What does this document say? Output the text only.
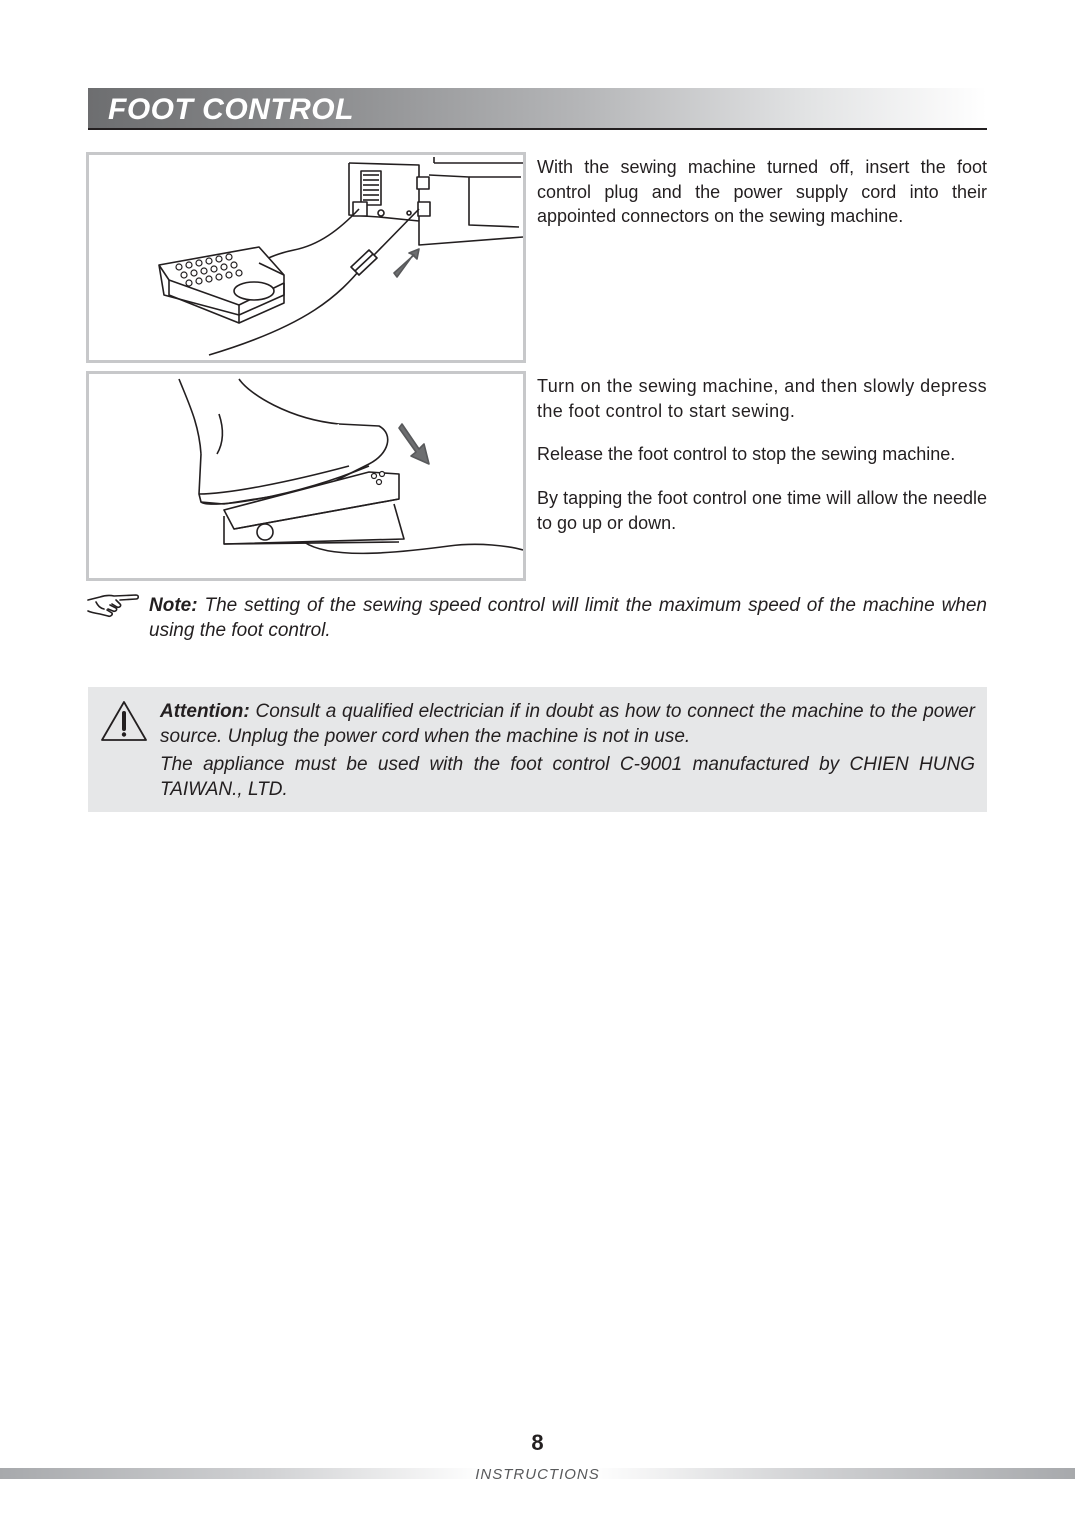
FOOT CONTROL

With the sewing machine turned off, insert the foot control plug and the power supply cord into their appointed connectors on the sewing machine.

Turn on the sewing machine, and then slowly depress the foot control to start sewing.

Release the foot control to stop the sewing machine.

By tapping the foot control one time will allow the needle to go up or down.

Note: The setting of the sewing speed control will limit the maximum speed of the machine when using the foot control.

Attention: Consult a qualified electrician if in doubt as how to connect the machine to the power source. Unplug the power cord when the machine is not in use.

The appliance must be used with the foot control C-9001 manufactured by CHIEN HUNG TAIWAN., LTD.

8
INSTRUCTIONS
